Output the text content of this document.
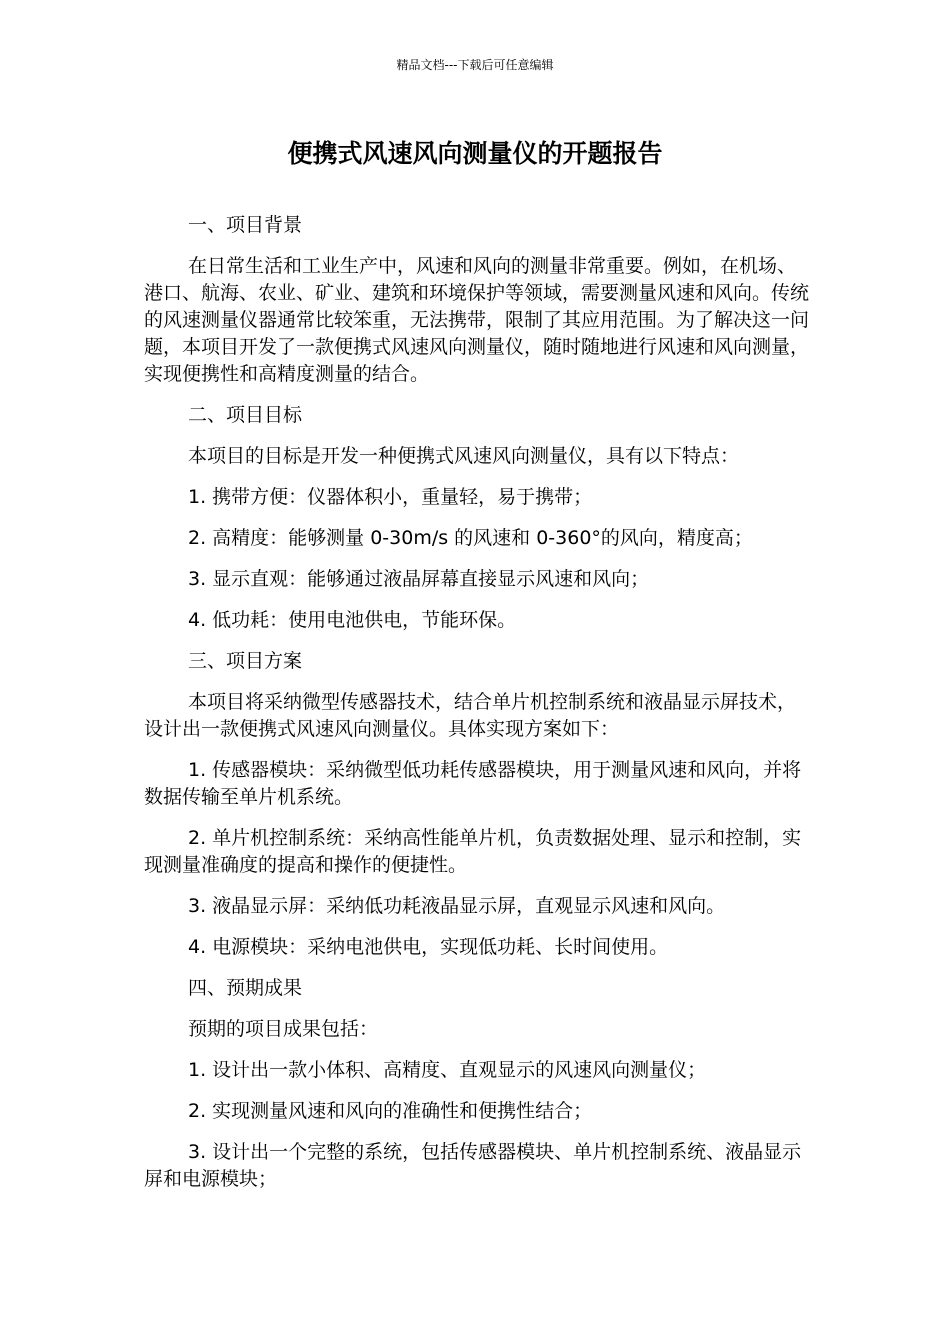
精品文档---下载后可任意编辑
便携式风速风向测量仪的开题报告

一、项目背景

在日常生活和工业生产中，风速和风向的测量非常重要。例如，在机场、港口、航海、农业、矿业、建筑和环境保护等领域，需要测量风速和风向。传统的风速测量仪器通常比较笨重，无法携带，限制了其应用范围。为了解决这一问题，本项目开发了一款便携式风速风向测量仪，随时随地进行风速和风向测量，实现便携性和高精度测量的结合。

二、项目目标

本项目的目标是开发一种便携式风速风向测量仪，具有以下特点：

1. 携带方便：仪器体积小，重量轻，易于携带；

2. 高精度：能够测量 0-30m/s 的风速和 0-360°的风向，精度高；

3. 显示直观：能够通过液晶屏幕直接显示风速和风向；

4. 低功耗：使用电池供电，节能环保。

三、项目方案

本项目将采纳微型传感器技术，结合单片机控制系统和液晶显示屏技术，设计出一款便携式风速风向测量仪。具体实现方案如下：

1. 传感器模块：采纳微型低功耗传感器模块，用于测量风速和风向，并将数据传输至单片机系统。

2. 单片机控制系统：采纳高性能单片机，负责数据处理、显示和控制，实现测量准确度的提高和操作的便捷性。

3. 液晶显示屏：采纳低功耗液晶显示屏，直观显示风速和风向。

4. 电源模块：采纳电池供电，实现低功耗、长时间使用。

四、预期成果

预期的项目成果包括：

1. 设计出一款小体积、高精度、直观显示的风速风向测量仪；

2. 实现测量风速和风向的准确性和便携性结合；

3. 设计出一个完整的系统，包括传感器模块、单片机控制系统、液晶显示屏和电源模块；
